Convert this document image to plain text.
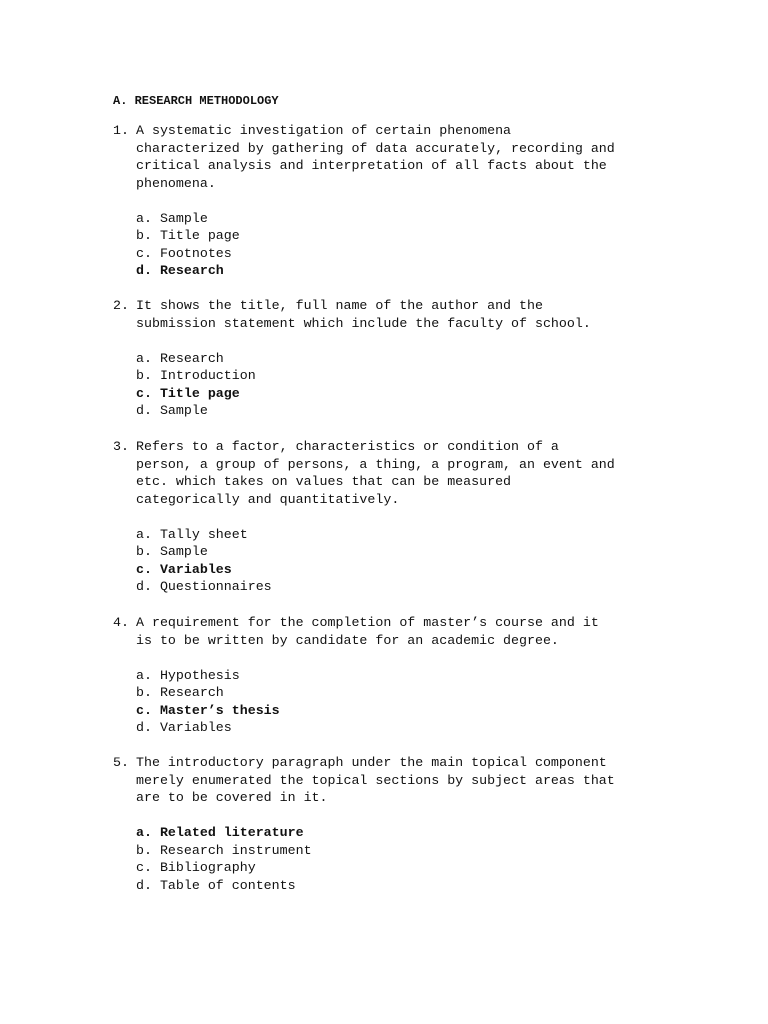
A. RESEARCH METHODOLOGY
1. A systematic investigation of certain phenomena
characterized by gathering of data accurately, recording and
critical analysis and interpretation of all facts about the
phenomena.
a. Sample
b. Title page
c. Footnotes
d. Research
2. It shows the title, full name of the author and the
submission statement which include the faculty of school.
a. Research
b. Introduction
c. Title page
d. Sample
3. Refers to a factor, characteristics or condition of a
person, a group of persons, a thing, a program, an event and
etc. which takes on values that can be measured
categorically and quantitatively.
a. Tally sheet
b. Sample
c. Variables
d. Questionnaires
4. A requirement for the completion of master’s course and it
is to be written by candidate for an academic degree.
a. Hypothesis
b. Research
c. Master’s thesis
d. Variables
5. The introductory paragraph under the main topical component
merely enumerated the topical sections by subject areas that
are to be covered in it.
a. Related literature
b. Research instrument
c. Bibliography
d. Table of contents
